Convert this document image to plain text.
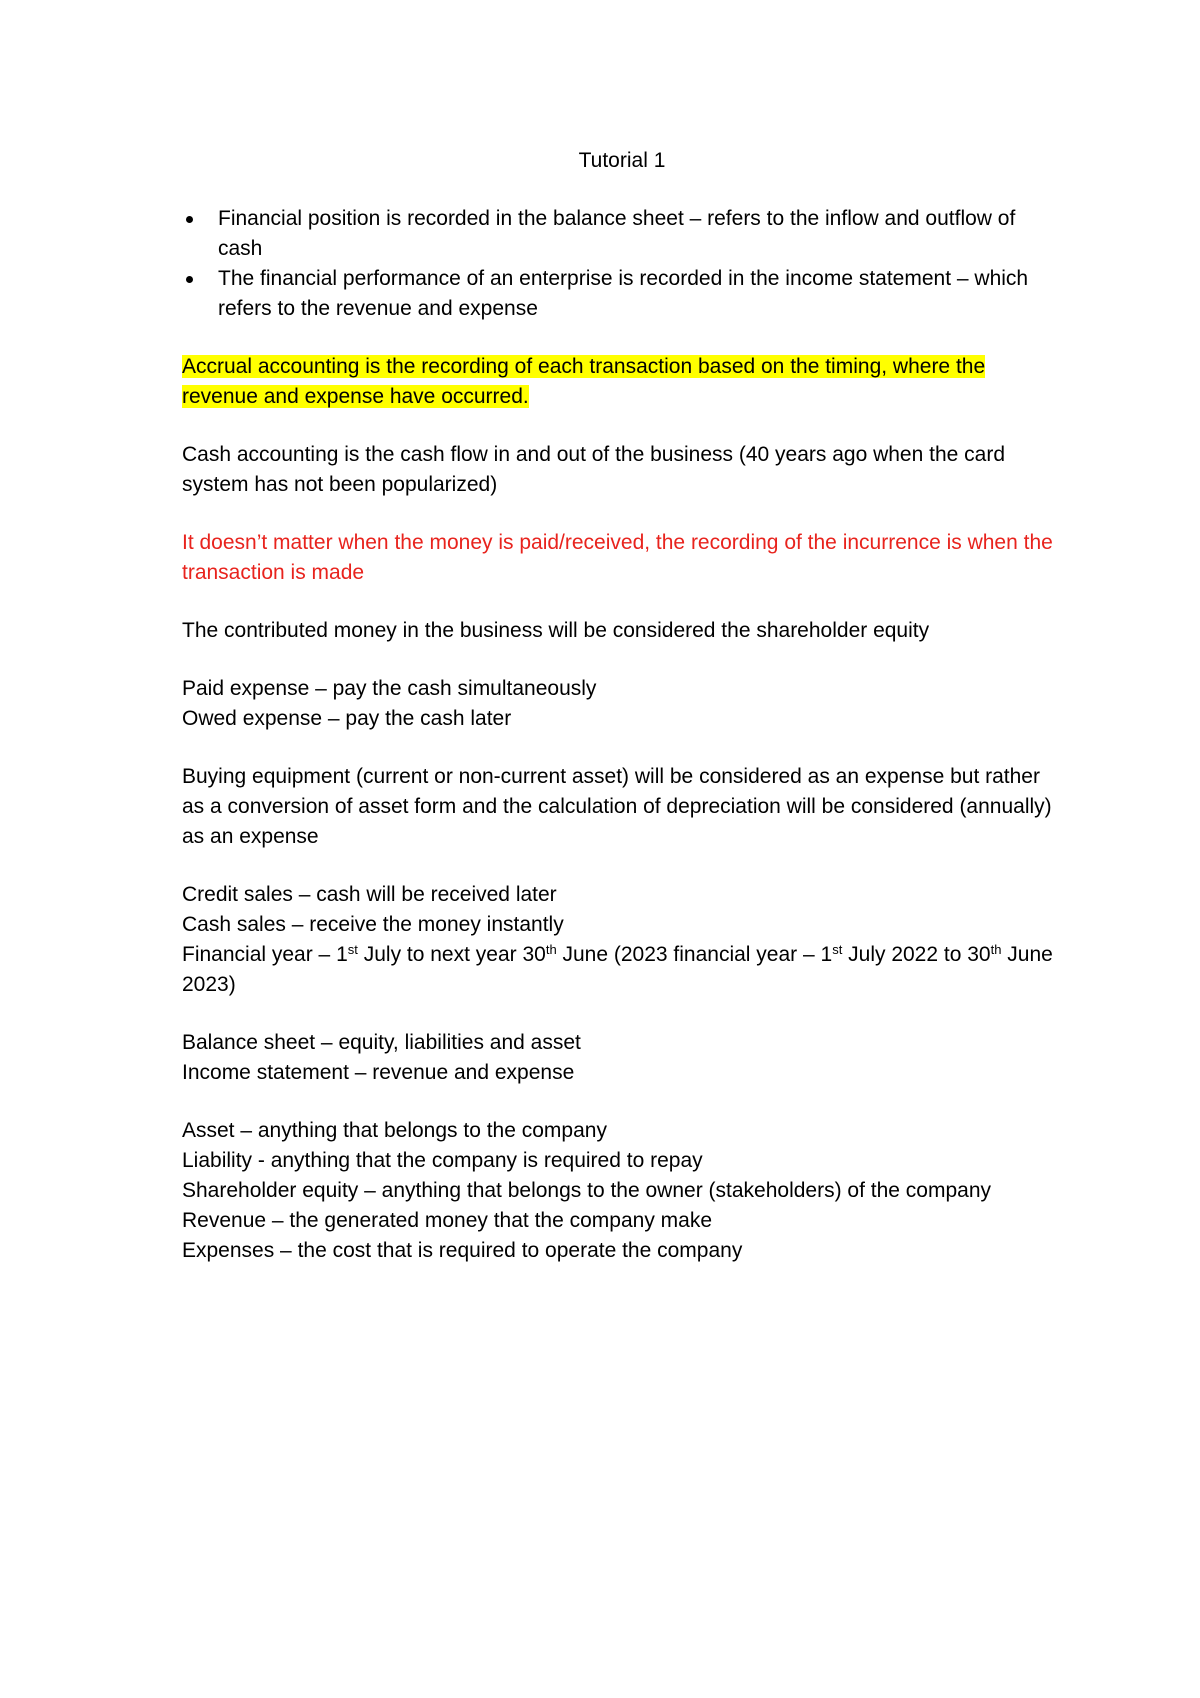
Tutorial 1
Financial position is recorded in the balance sheet – refers to the inflow and outflow of cash
The financial performance of an enterprise is recorded in the income statement – which refers to the revenue and expense

Accrual accounting is the recording of each transaction based on the timing, where the revenue and expense have occurred.

Cash accounting is the cash flow in and out of the business (40 years ago when the card system has not been popularized)

It doesn’t matter when the money is paid/received, the recording of the incurrence is when the transaction is made

The contributed money in the business will be considered the shareholder equity

Paid expense – pay the cash simultaneously

Owed expense – pay the cash later

Buying equipment (current or non-current asset) will be considered as an expense but rather as a conversion of asset form and the calculation of depreciation will be considered (annually) as an expense

Credit sales – cash will be received later

Cash sales – receive the money instantly

Financial year – 1st July to next year 30th June (2023 financial year – 1st July 2022 to 30th June 2023)

Balance sheet – equity, liabilities and asset

Income statement – revenue and expense

Asset – anything that belongs to the company

Liability - anything that the company is required to repay

Shareholder equity – anything that belongs to the owner (stakeholders) of the company

Revenue – the generated money that the company make

Expenses – the cost that is required to operate the company
